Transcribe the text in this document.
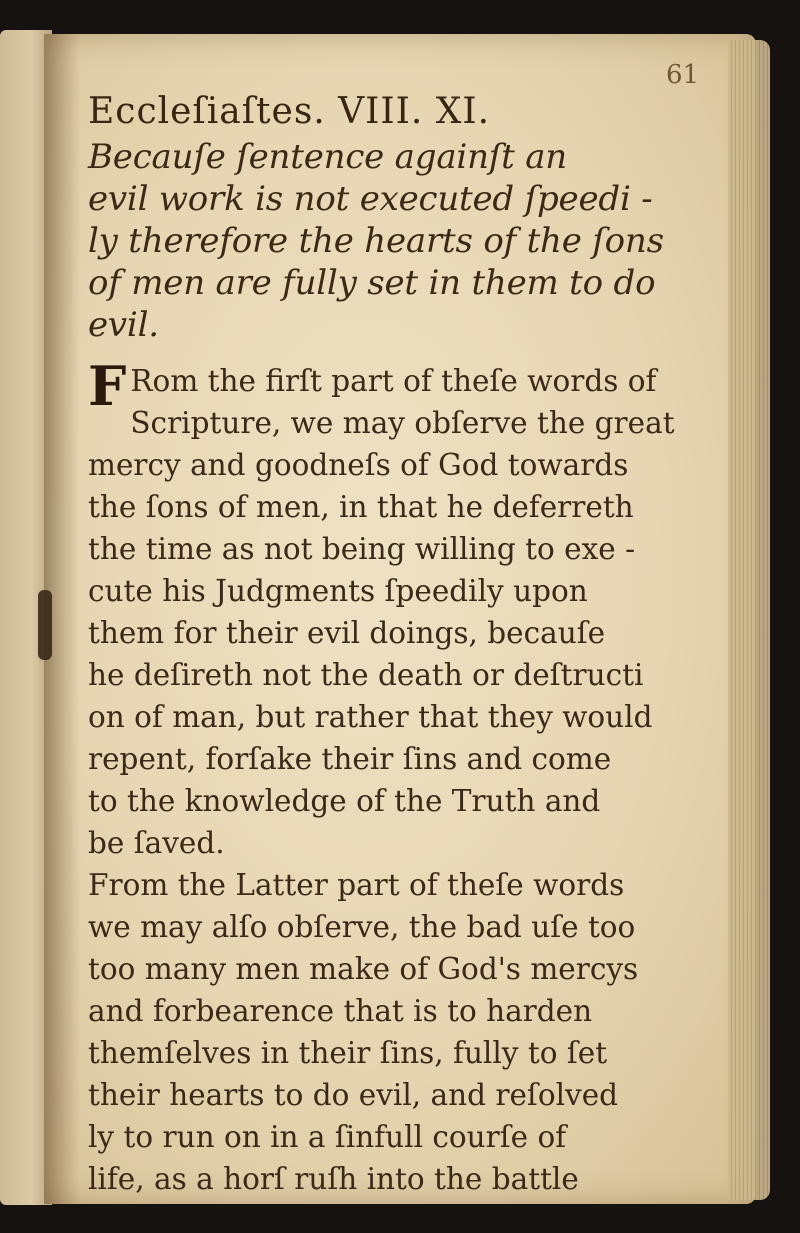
61
Eccleſiaſtes. VIII. XI.
Becauſe ſentence againſt an
evil work is not executed ſpeedi -
ly therefore the hearts of the ſons
of men are fully set in them to do
evil.
F Rom the firſt part of theſe words of
Scripture, we may obſerve the great
mercy and goodneſs of God towards
the ſons of men, in that he deferreth
the time as not being willing to exe -
cute his Judgments ſpeedily upon
them for their evil doings, becauſe
he deſireth not the death or deſtructi
on of man, but rather that they would
repent, forſake their ſins and come
to the knowledge of the Truth and
be ſaved.
From the Latter part of theſe words
we may alſo obſerve, the bad uſe too
too many men make of God's mercys
and forbearence that is to harden
themſelves in their ſins, fully to ſet
their hearts to do evil, and reſolved
ly to run on in a ſinfull courſe of
life, as a horſ ruſh into the battle
